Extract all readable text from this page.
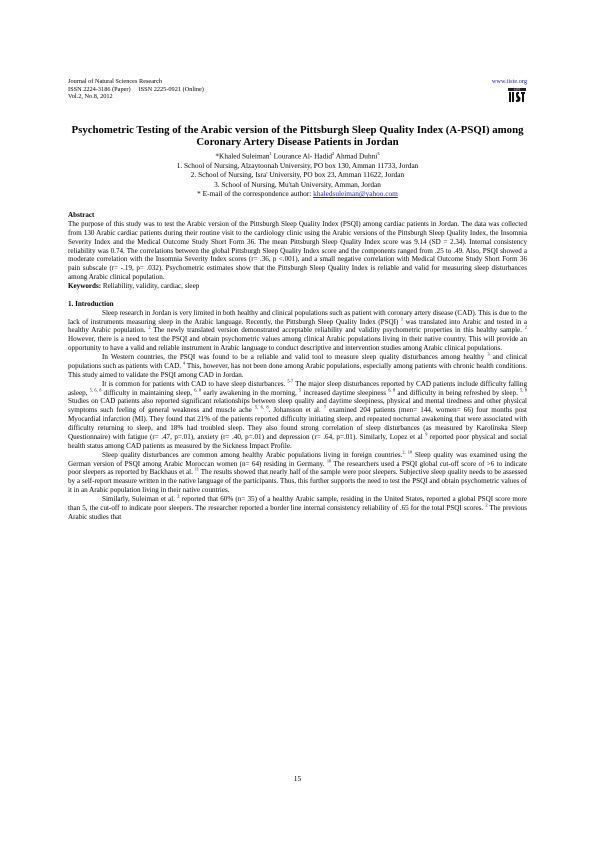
Journal of Natural Sciences Research
ISSN 2224-3186 (Paper)     ISSN 2225-0921 (Online)
Vol.2, No.8, 2012
www.iiste.org
IISTE
Psychometric Testing of the Arabic version of the Pittsburgh Sleep Quality Index (A-PSQI) among Coronary Artery Disease Patients in Jordan
*Khaled Suleiman$^1$ Lourance Al- Hadid$^2$ Ahmad Duhni$^3$
1. School of Nursing, Alzaytoonah University, PO box 130, Amman 11733, Jordan
2. School of Nursing, Isra' University, PO box 23, Amman 11622, Jordan
3. School of Nursing, Mu'tah University, Amman, Jordan
* E-mail of the correspondence author: khaledsuleiman@yahoo.com

Abstract

The purpose of this study was to test the Arabic version of the Pittsburgh Sleep Quality Index (PSQI) among cardiac patients in Jordan. The data was collected from 130 Arabic cardiac patients during their routine visit to the cardiology clinic using the Arabic versions of the Pittsburgh Sleep Quality Index, the Insomnia Severity Index and the Medical Outcome Study Short Form 36. The mean Pittsburgh Sleep Quality Index score was 9.14 (SD = 2.34). Internal consistency reliability was 0.74. The correlations between the global Pittsburgh Sleep Quality Index score and the components ranged from .25 to .49. Also, PSQI showed a moderate correlation with the Insomnia Severity Index scores (r= .36, p <.001), and a small negative correlation with Medical Outcome Study Short Form 36 pain subscale (r= -.19, p= .032). Psychometric estimates show that the Pittsburgh Sleep Quality Index is reliable and valid for measuring sleep disturbances among Arabic clinical population.

Keywords: Reliability, validity, cardiac, sleep

1. Introduction

Sleep research in Jordan is very limited in both healthy and clinical populations such as patient with coronary artery disease (CAD). This is due to the lack of instruments measuring sleep in the Arabic language. Recently, the Pittsburgh Sleep Quality Index (PSQI) $^1$ was translated into Arabic and tested in a healthy Arabic population. $^2$ The newly translated version demonstrated acceptable reliability and validity psychometric properties in this healthy sample. $^2$ However, there is a need to test the PSQI and obtain psychometric values among clinical Arabic populations living in their native country. This will provide an opportunity to have a valid and reliable instrument in Arabic language to conduct descriptive and intervention studies among Arabic clinical populations.

In Western countries, the PSQI was found to be a reliable and valid tool to measure sleep quality disturbances among healthy $^3$ and clinical populations such as patients with CAD. $^4$ This, however, has not been done among Arabic populations, especially among patients with chronic health conditions. This study aimed to validate the PSQI among CAD in Jordan.

It is common for patients with CAD to have sleep disturbances. $^{5-7}$ The major sleep disturbances reported by CAD patients include difficulty falling asleep, $^{5, 6, 8}$ difficulty in maintaining sleep, $^{6, 8}$ early awakening in the morning, $^5$ increased daytime sleepiness $^{6, 8}$ and difficulty in being refreshed by sleep. $^{5, 8}$ Studies on CAD patients also reported significant relationships between sleep quality and daytime sleepiness, physical and mental tiredness and other physical symptoms such feeling of general weakness and muscle ache $^{5, 6, 8}$. Johansson et al. $^7$ examined 204 patients (men= 144, women= 66) four months post Myocardial infarction (MI). They found that 21% of the patients reported difficulty initiating sleep, and repeated nocturnal awakening that were associated with difficulty returning to sleep, and 18% had troubled sleep. They also found strong correlation of sleep disturbances (as measured by Karolinska Sleep Questionnaire) with fatigue (r= .47, p=.01), anxiety (r= .40, p=.01) and depression (r= .64, p=.01). Similarly, Lopez et al $^9$ reported poor physical and social health status among CAD patients as measured by the Sickness Impact Profile.

Sleep quality disturbances are common among healthy Arabic populations living in foreign countries.$^{2, 10}$ Sleep quality was examined using the German version of PSQI among Arabic Moroccan women (n= 64) residing in Germany. $^{10}$ The researchers used a PSQI global cut-off score of >6 to indicate poor sleepers as reported by Backhaus et al. $^{11}$ The results showed that nearly half of the sample were poor sleepers. Subjective sleep quality needs to be assessed by a self-report measure written in the native language of the participants. Thus, this further supports the need to test the PSQI and obtain psychometric values of it in an Arabic population living in their native countries.

Similarly, Suleiman et al. $^2$ reported that 60% (n= 35) of a healthy Arabic sample, residing in the United States, reported a global PSQI score more than 5, the cut-off to indicate poor sleepers. The researcher reported a border line internal consistency reliability of .65 for the total PSQI scores. $^2$ The previous Arabic studies that

15
